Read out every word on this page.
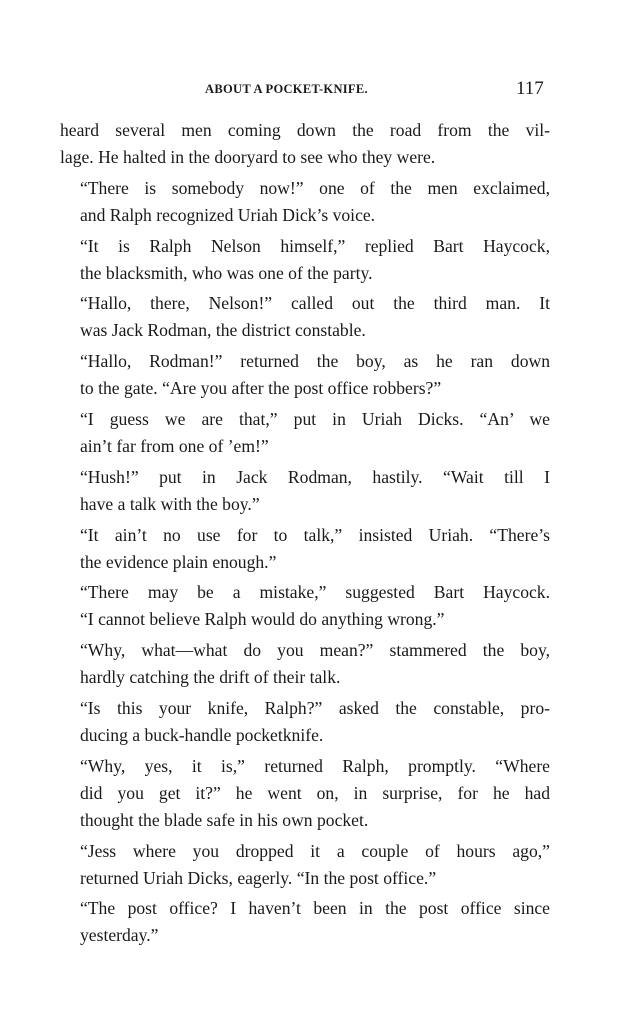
ABOUT A POCKET-KNIFE.	117

heard several men coming down the road from the vil-
lage. He halted in the dooryard to see who they were.

“There is somebody now!” one of the men exclaimed,
and Ralph recognized Uriah Dick’s voice.

“It is Ralph Nelson himself,” replied Bart Haycock,
the blacksmith, who was one of the party.

“Hallo, there, Nelson!” called out the third man. It
was Jack Rodman, the district constable.

“Hallo, Rodman!” returned the boy, as he ran down
to the gate. “Are you after the post office robbers?”

“I guess we are that,” put in Uriah Dicks. “An’ we
ain’t far from one of ’em!”

“Hush!” put in Jack Rodman, hastily. “Wait till I
have a talk with the boy.”

“It ain’t no use for to talk,” insisted Uriah. “There’s
the evidence plain enough.”

“There may be a mistake,” suggested Bart Haycock.
“I cannot believe Ralph would do anything wrong.”

“Why, what—what do you mean?” stammered the boy,
hardly catching the drift of their talk.

“Is this your knife, Ralph?” asked the constable, pro-
ducing a buck-handle pocketknife.

“Why, yes, it is,” returned Ralph, promptly. “Where
did you get it?” he went on, in surprise, for he had
thought the blade safe in his own pocket.

“Jess where you dropped it a couple of hours ago,”
returned Uriah Dicks, eagerly. “In the post office.”

“The post office? I haven’t been in the post office since
yesterday.”
